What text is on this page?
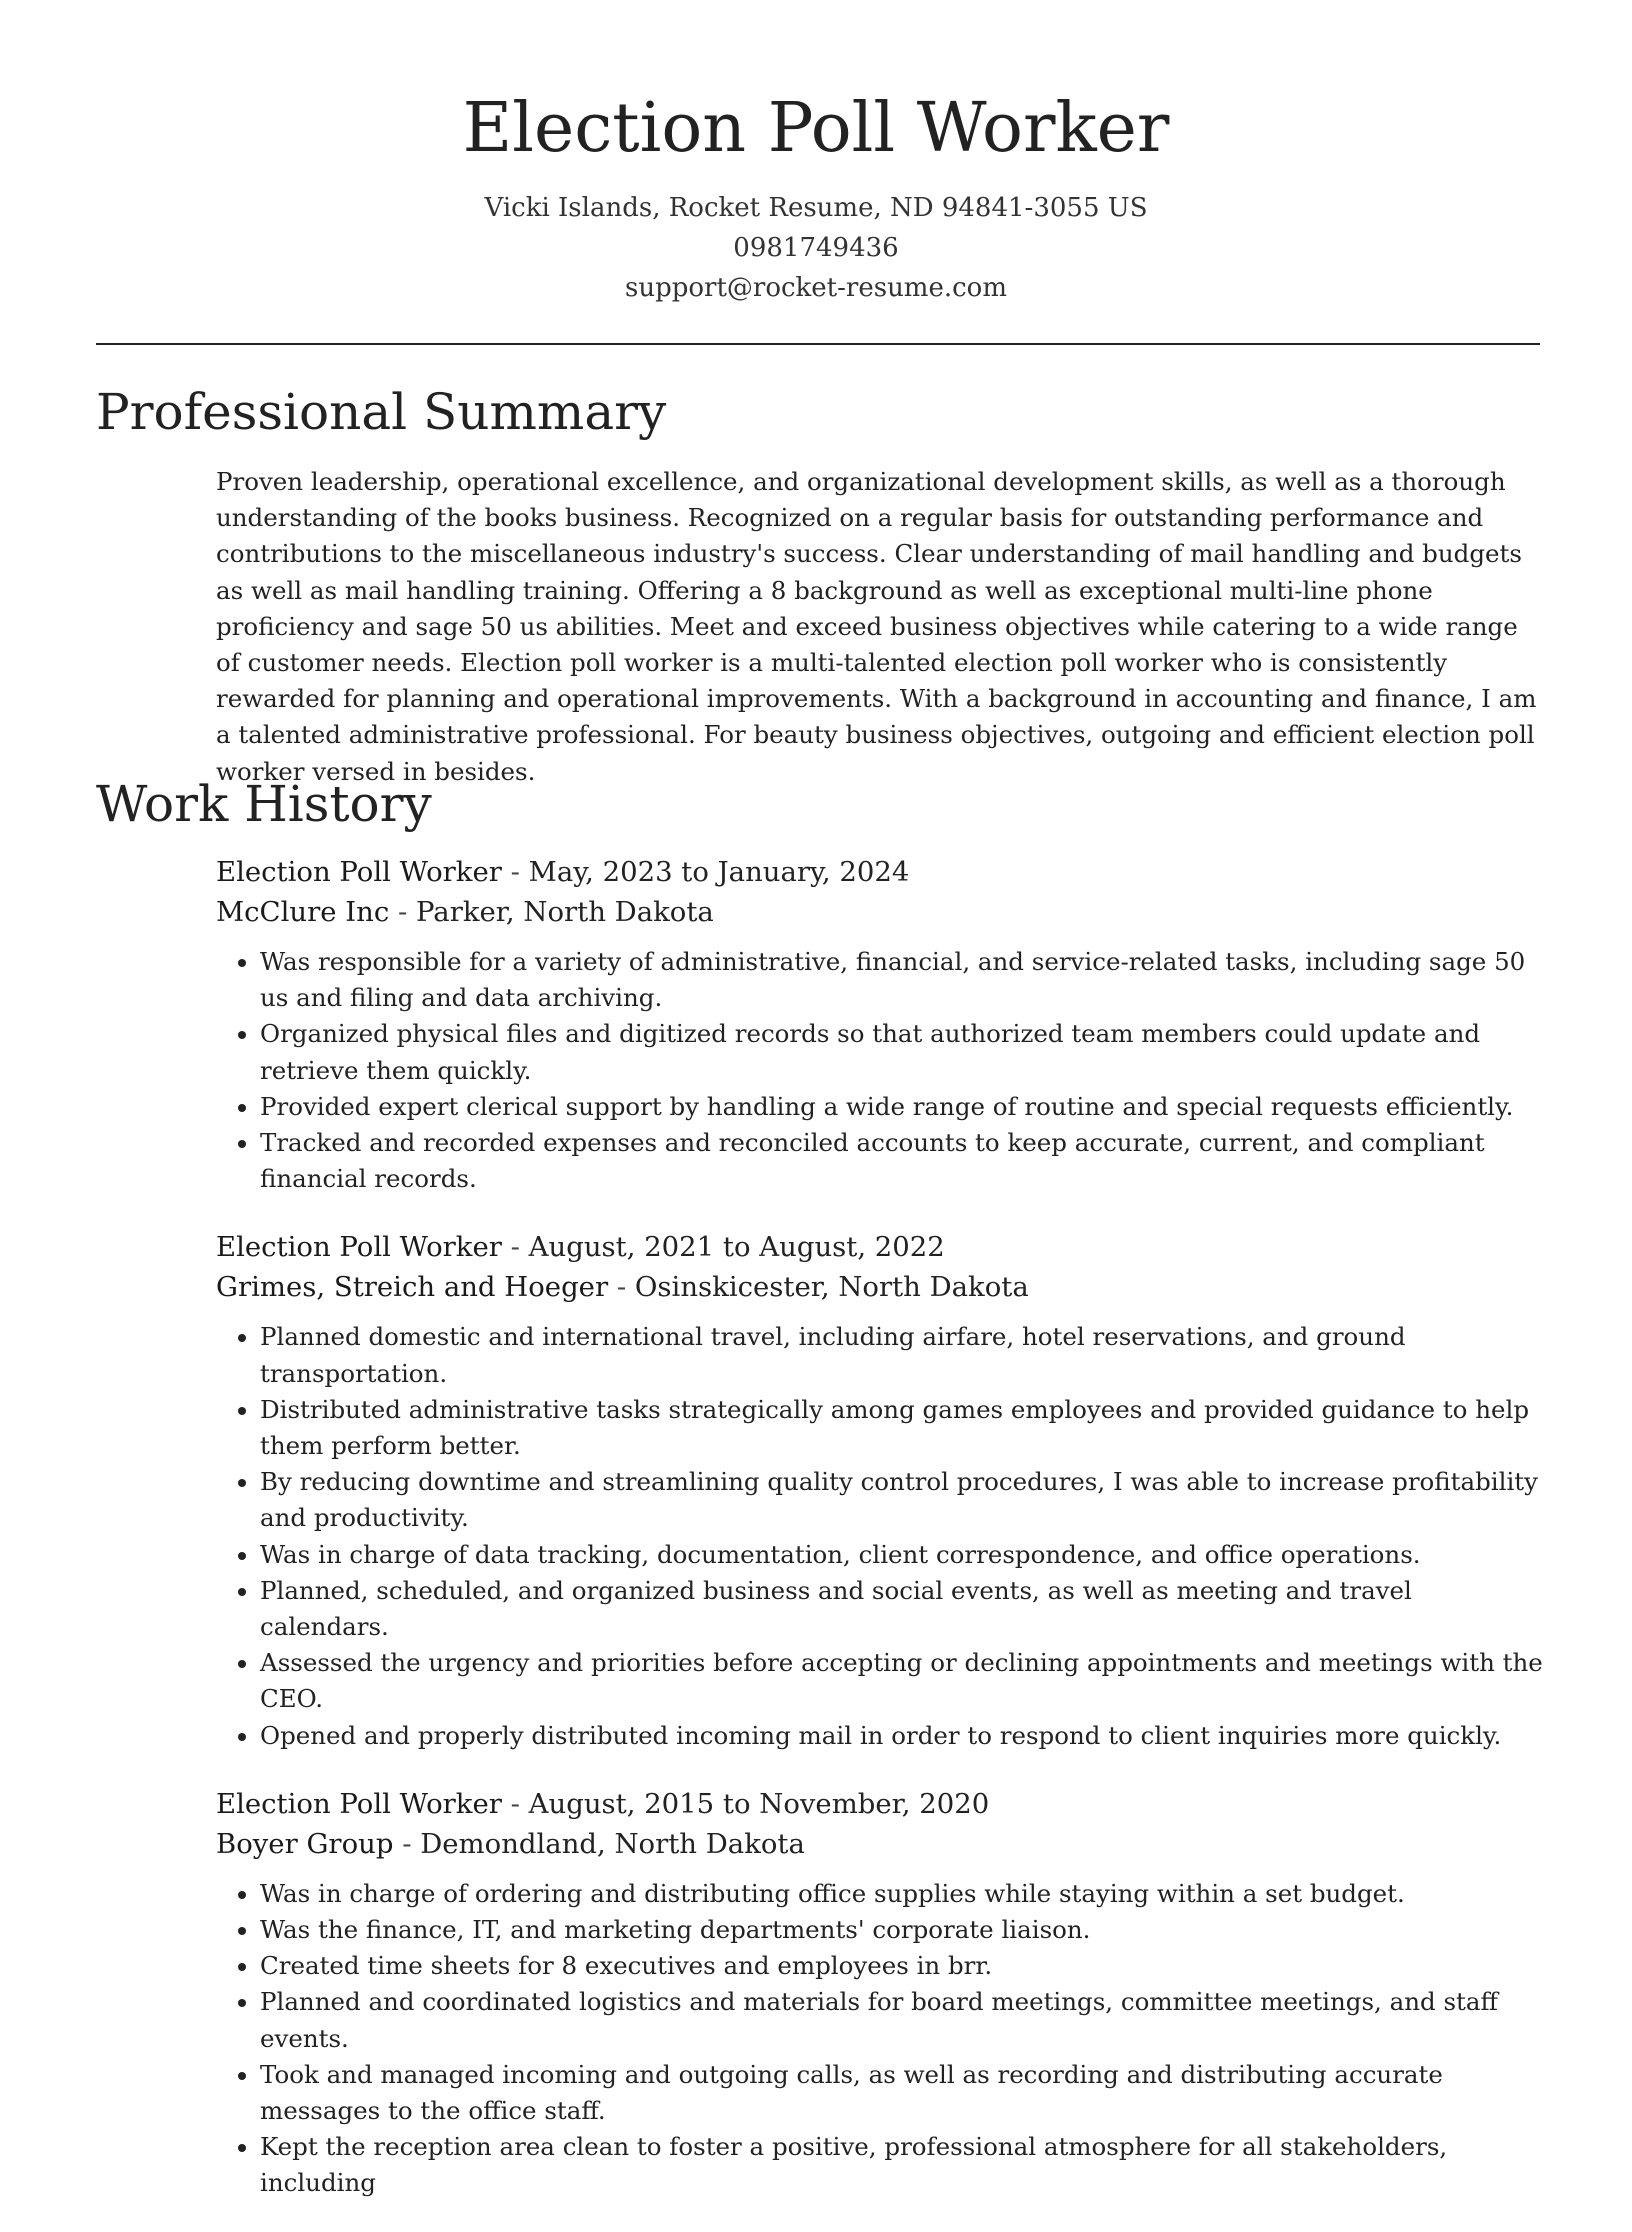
Election Poll Worker
Vicki Islands, Rocket Resume, ND 94841-3055 US
0981749436
support@rocket-resume.com
Professional Summary

Proven leadership, operational excellence, and organizational development skills, as well as a thorough understanding of the books business. Recognized on a regular basis for outstanding performance and contributions to the miscellaneous industry's success. Clear understanding of mail handling and budgets as well as mail handling training. Offering a 8 background as well as exceptional multi-line phone proficiency and sage 50 us abilities. Meet and exceed business objectives while catering to a wide range of customer needs. Election poll worker is a multi-talented election poll worker who is consistently rewarded for planning and operational improvements. With a background in accounting and finance, I am a talented administrative professional. For beauty business objectives, outgoing and efficient election poll worker versed in besides.

Work History
Election Poll Worker - May, 2023 to January, 2024
McClure Inc - Parker, North Dakota
• Was responsible for a variety of administrative, financial, and service-related tasks, including sage 50 us and filing and data archiving.
• Organized physical files and digitized records so that authorized team members could update and retrieve them quickly.
• Provided expert clerical support by handling a wide range of routine and special requests efficiently.
• Tracked and recorded expenses and reconciled accounts to keep accurate, current, and compliant financial records.
Election Poll Worker - August, 2021 to August, 2022
Grimes, Streich and Hoeger - Osinskicester, North Dakota
• Planned domestic and international travel, including airfare, hotel reservations, and ground transportation.
• Distributed administrative tasks strategically among games employees and provided guidance to help them perform better.
• By reducing downtime and streamlining quality control procedures, I was able to increase profitability and productivity.
• Was in charge of data tracking, documentation, client correspondence, and office operations.
• Planned, scheduled, and organized business and social events, as well as meeting and travel calendars.
• Assessed the urgency and priorities before accepting or declining appointments and meetings with the CEO.
• Opened and properly distributed incoming mail in order to respond to client inquiries more quickly.
Election Poll Worker - August, 2015 to November, 2020
Boyer Group - Demondland, North Dakota
• Was in charge of ordering and distributing office supplies while staying within a set budget.
• Was the finance, IT, and marketing departments' corporate liaison.
• Created time sheets for 8 executives and employees in brr.
• Planned and coordinated logistics and materials for board meetings, committee meetings, and staff events.
• Took and managed incoming and outgoing calls, as well as recording and distributing accurate messages to the office staff.
• Kept the reception area clean to foster a positive, professional atmosphere for all stakeholders, including
